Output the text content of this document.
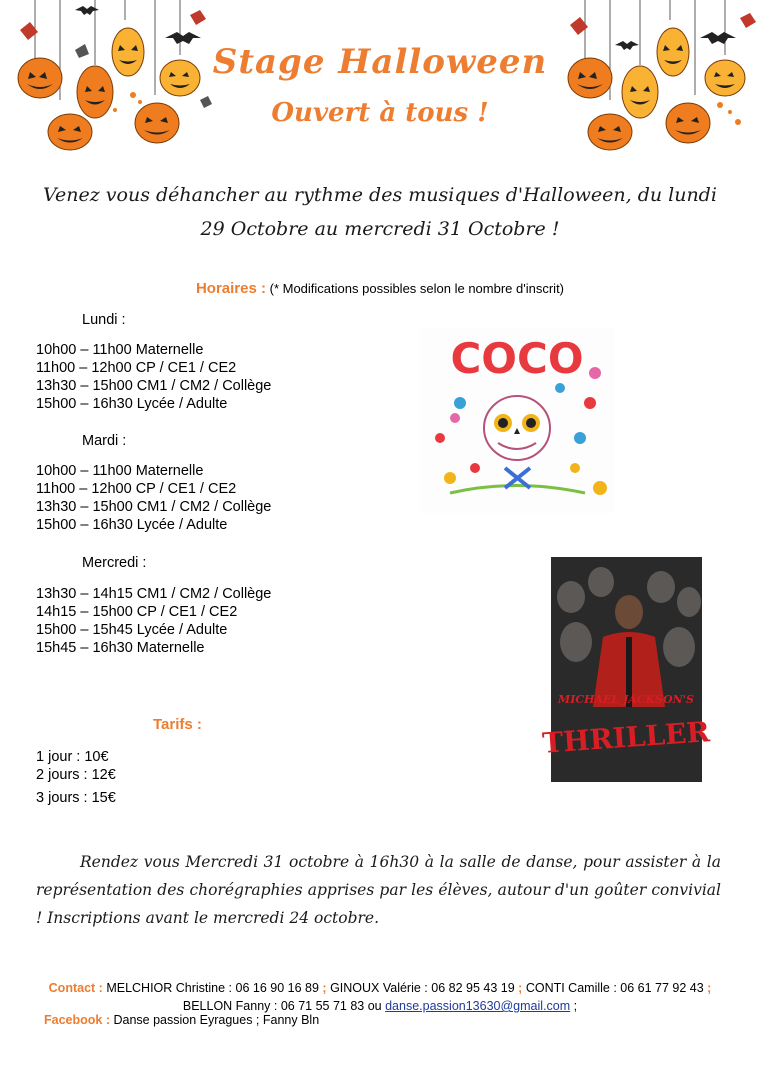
Stage Halloween
Ouvert à tous !
Venez vous déhancher au rythme des musiques d'Halloween, du lundi
29 Octobre au mercredi 31 Octobre !
Horaires : (* Modifications possibles selon le nombre d'inscrit)
Lundi :
10h00 – 11h00 Maternelle
11h00 – 12h00 CP / CE1 / CE2
13h30 – 15h00 CM1 / CM2 / Collège
15h00 – 16h30 Lycée / Adulte
Mardi :
10h00 – 11h00 Maternelle
11h00 – 12h00 CP / CE1 / CE2
13h30 – 15h00 CM1 / CM2 / Collège
15h00 – 16h30 Lycée / Adulte
Mercredi :
13h30 – 14h15 CM1 / CM2 / Collège
14h15 – 15h00 CP / CE1 / CE2
15h00 – 15h45 Lycée / Adulte
15h45 – 16h30 Maternelle
COCO
MICHAEL JACKSON'S
THRILLER
Tarifs :
1 jour : 10€
2 jours : 12€
3 jours : 15€
Rendez vous Mercredi 31 octobre à 16h30 à la salle de danse, pour assister à la représentation des chorégraphies apprises par les élèves, autour d'un goûter convivial ! Inscriptions avant le mercredi 24 octobre.
Contact : MELCHIOR Christine : 06 16 90 16 89 ; GINOUX Valérie : 06 82 95 43 19 ; CONTI Camille : 06 61 77 92 43 ;
BELLON Fanny : 06 71 55 71 83 ou danse.passion13630@gmail.com ;
Facebook : Danse passion Eyragues ; Fanny Bln
